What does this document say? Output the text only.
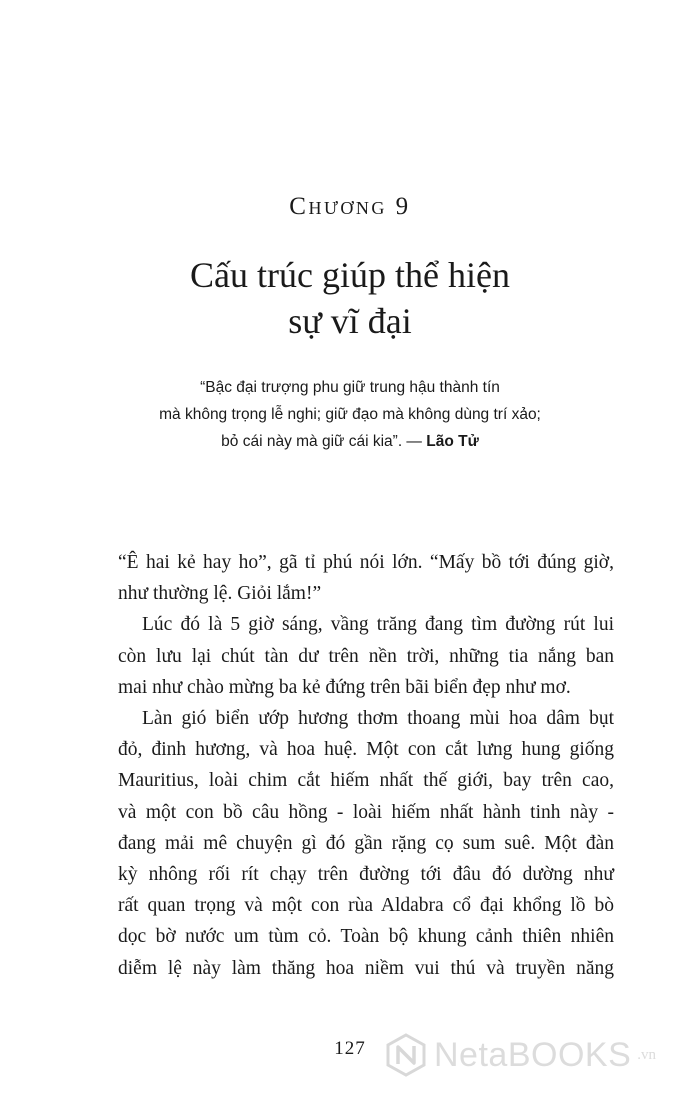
Chương 9
Cấu trúc giúp thể hiện
sự vĩ đại
“Bậc đại trượng phu giữ trung hậu thành tín
mà không trọng lễ nghi; giữ đạo mà không dùng trí xảo;
bỏ cái này mà giữ cái kia”. — Lão Tử
“Ê hai kẻ hay ho”, gã tỉ phú nói lớn. “Mấy bồ tới đúng giờ,
như thường lệ. Giỏi lắm!”
Lúc đó là 5 giờ sáng, vầng trăng đang tìm đường rút lui
còn lưu lại chút tàn dư trên nền trời, những tia nắng ban
mai như chào mừng ba kẻ đứng trên bãi biển đẹp như mơ.
Làn gió biển ướp hương thơm thoang mùi hoa dâm bụt
đỏ, đinh hương, và hoa huệ. Một con cắt lưng hung giống
Mauritius, loài chim cắt hiếm nhất thế giới, bay trên cao,
và một con bồ câu hồng - loài hiếm nhất hành tinh này -
đang mải mê chuyện gì đó gần rặng cọ sum suê. Một đàn
kỳ nhông rối rít chạy trên đường tới đâu đó dường như
rất quan trọng và một con rùa Aldabra cổ đại khổng lồ bò
dọc bờ nước um tùm cỏ. Toàn bộ khung cảnh thiên nhiên
diễm lệ này làm thăng hoa niềm vui thú và truyền năng
127	NetaBOOKS .vn
